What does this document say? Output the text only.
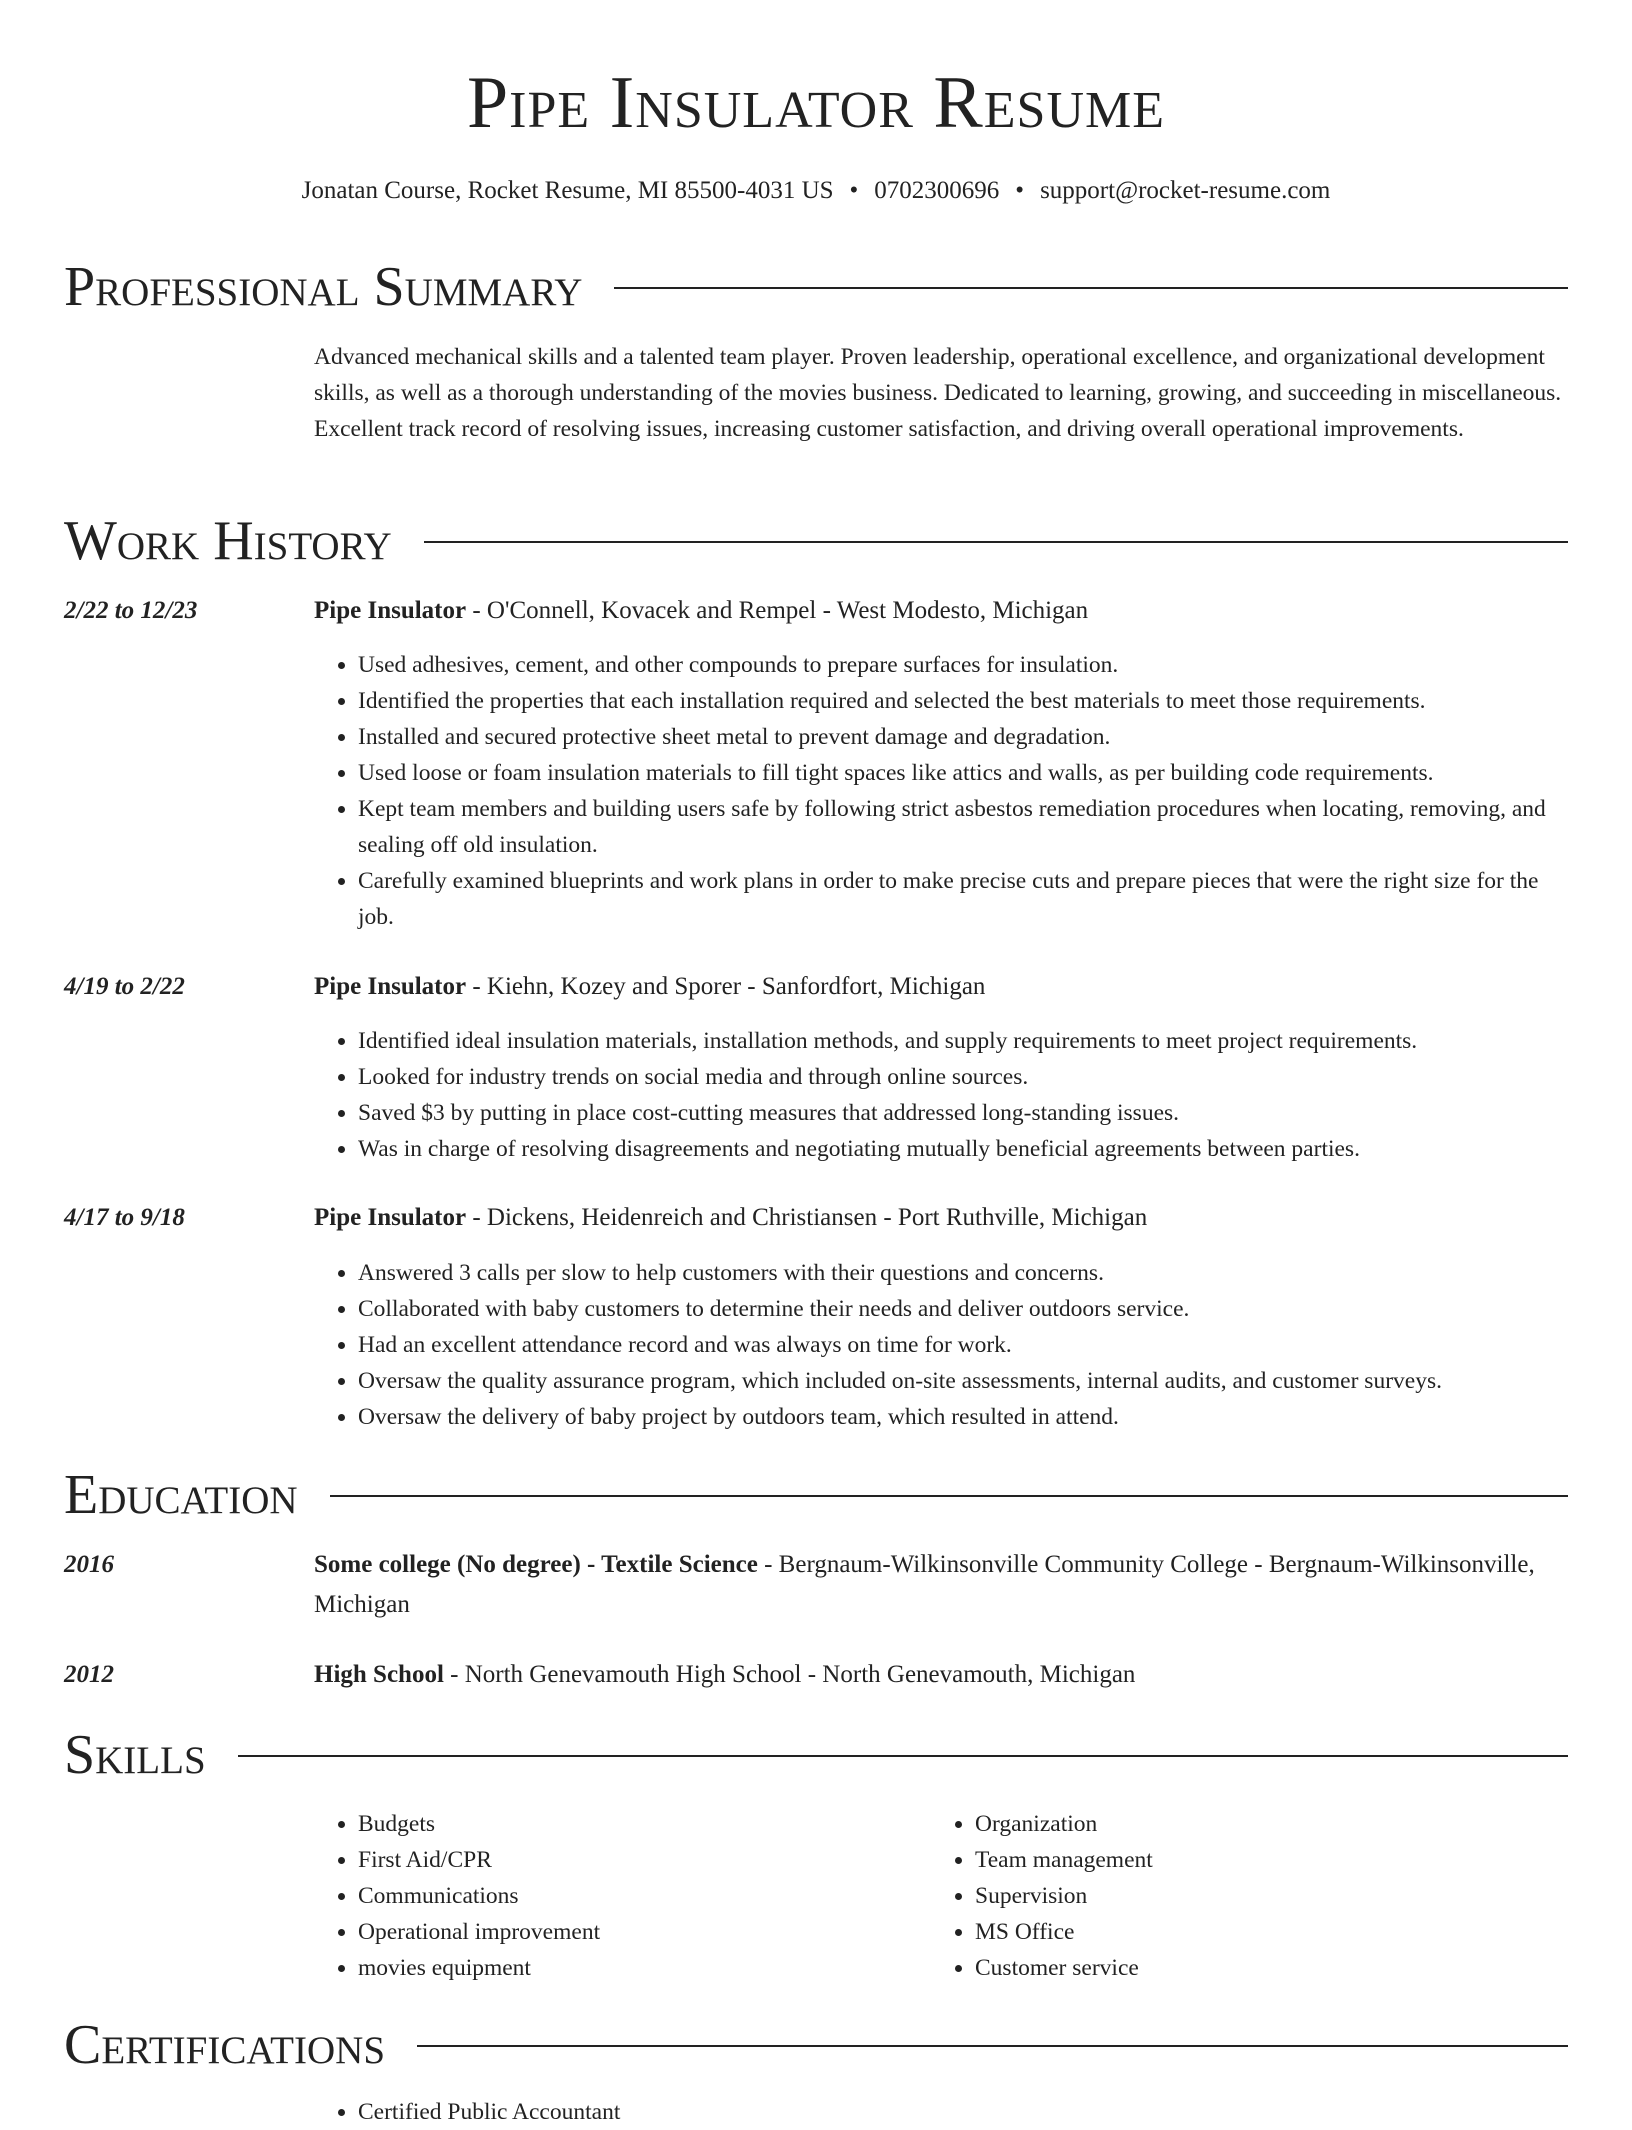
Pipe Insulator Resume
Jonatan Course, Rocket Resume, MI 85500-4031 US • 0702300696 • support@rocket-resume.com
Professional Summary

Advanced mechanical skills and a talented team player. Proven leadership, operational excellence, and organizational development skills, as well as a thorough understanding of the movies business. Dedicated to learning, growing, and succeeding in miscellaneous. Excellent track record of resolving issues, increasing customer satisfaction, and driving overall operational improvements.

Work History
2/22 to 12/23	Pipe Insulator - O'Connell, Kovacek and Rempel - West Modesto, Michigan
• Used adhesives, cement, and other compounds to prepare surfaces for insulation.
• Identified the properties that each installation required and selected the best materials to meet those requirements.
• Installed and secured protective sheet metal to prevent damage and degradation.
• Used loose or foam insulation materials to fill tight spaces like attics and walls, as per building code requirements.
• Kept team members and building users safe by following strict asbestos remediation procedures when locating, removing, and sealing off old insulation.
• Carefully examined blueprints and work plans in order to make precise cuts and prepare pieces that were the right size for the job.
4/19 to 2/22	Pipe Insulator - Kiehn, Kozey and Sporer - Sanfordfort, Michigan
• Identified ideal insulation materials, installation methods, and supply requirements to meet project requirements.
• Looked for industry trends on social media and through online sources.
• Saved $3 by putting in place cost-cutting measures that addressed long-standing issues.
• Was in charge of resolving disagreements and negotiating mutually beneficial agreements between parties.
4/17 to 9/18	Pipe Insulator - Dickens, Heidenreich and Christiansen - Port Ruthville, Michigan
• Answered 3 calls per slow to help customers with their questions and concerns.
• Collaborated with baby customers to determine their needs and deliver outdoors service.
• Had an excellent attendance record and was always on time for work.
• Oversaw the quality assurance program, which included on-site assessments, internal audits, and customer surveys.
• Oversaw the delivery of baby project by outdoors team, which resulted in attend.
Education
2016	Some college (No degree) - Textile Science - Bergnaum-Wilkinsonville Community College - Bergnaum-Wilkinsonville, Michigan
2012	High School - North Genevamouth High School - North Genevamouth, Michigan
Skills
• Budgets
• First Aid/CPR
• Communications
• Operational improvement
• movies equipment
• Organization
• Team management
• Supervision
• MS Office
• Customer service
Certifications
• Certified Public Accountant
